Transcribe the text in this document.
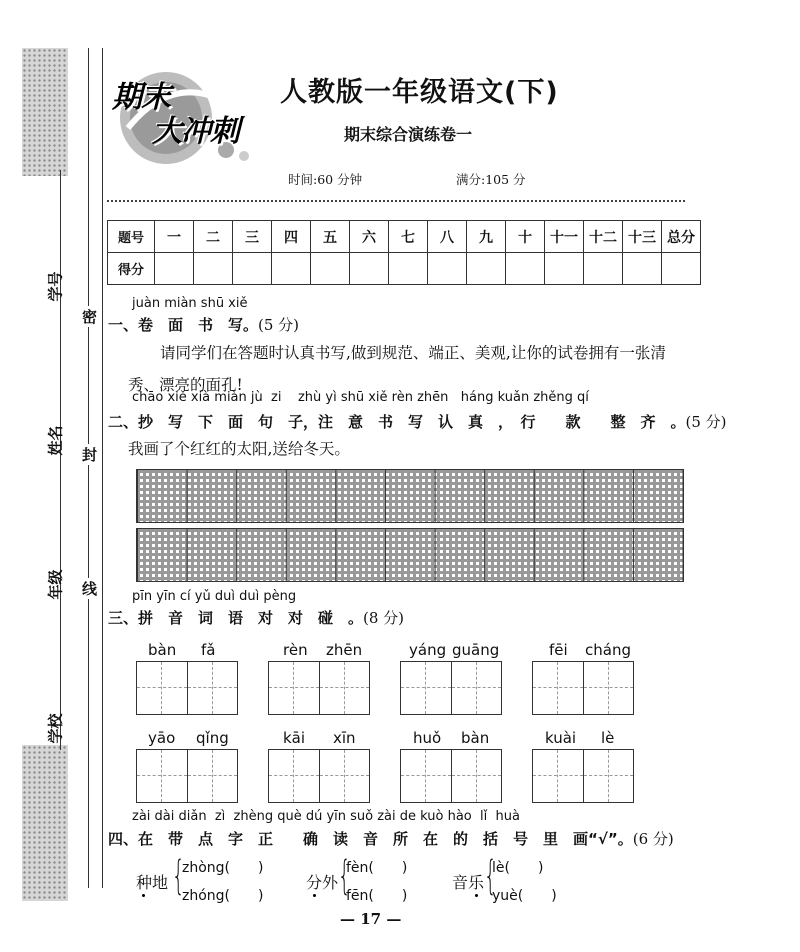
学号
姓名
年级
学校
密
封
线
期末
大冲刺
人教版一年级语文(下)
期末综合演练卷一
时间:60 分钟	满分:105 分
题号	一	二	三	四	五	六	七	八	九	十	十一	十二	十三	总分
得分														
juàn miàn shū xiě
一、卷　面　书　写。(5 分)
请同学们在答题时认真书写,做到规范、端正、美观,让你的试卷拥有一张清
秀、漂亮的面孔!
chāo xiě xià miàn jù  zi    zhù yì shū xiě rèn zhēn   háng kuǎn zhěng qí
二、抄　写　下　面　句　子，注　意　书　写　认　真　，　行　　款　　整　齐　。(5 分)
我画了个红红的太阳,送给冬天。
pīn yīn cí yǔ duì duì pèng
三、拼　音　词　语　对　对　碰　。(8 分)
bàn fǎ	rèn zhēn	yáng guāng	fēi cháng
yāo qǐng	kāi xīn	huǒ bàn	kuài lè
zài dài diǎn  zì  zhèng què dú yīn suǒ zài de kuò hào  lǐ  huà
四、在　带　点　字　正　　确　读　音　所　在　的　括　号　里　画“√”。(6 分)
种地 {
zhòng(　　)
zhóng(　　)
分外 {
fèn(　　)
fēn(　　)
音乐 {
lè(　　)
yuè(　　)
— 17 —
